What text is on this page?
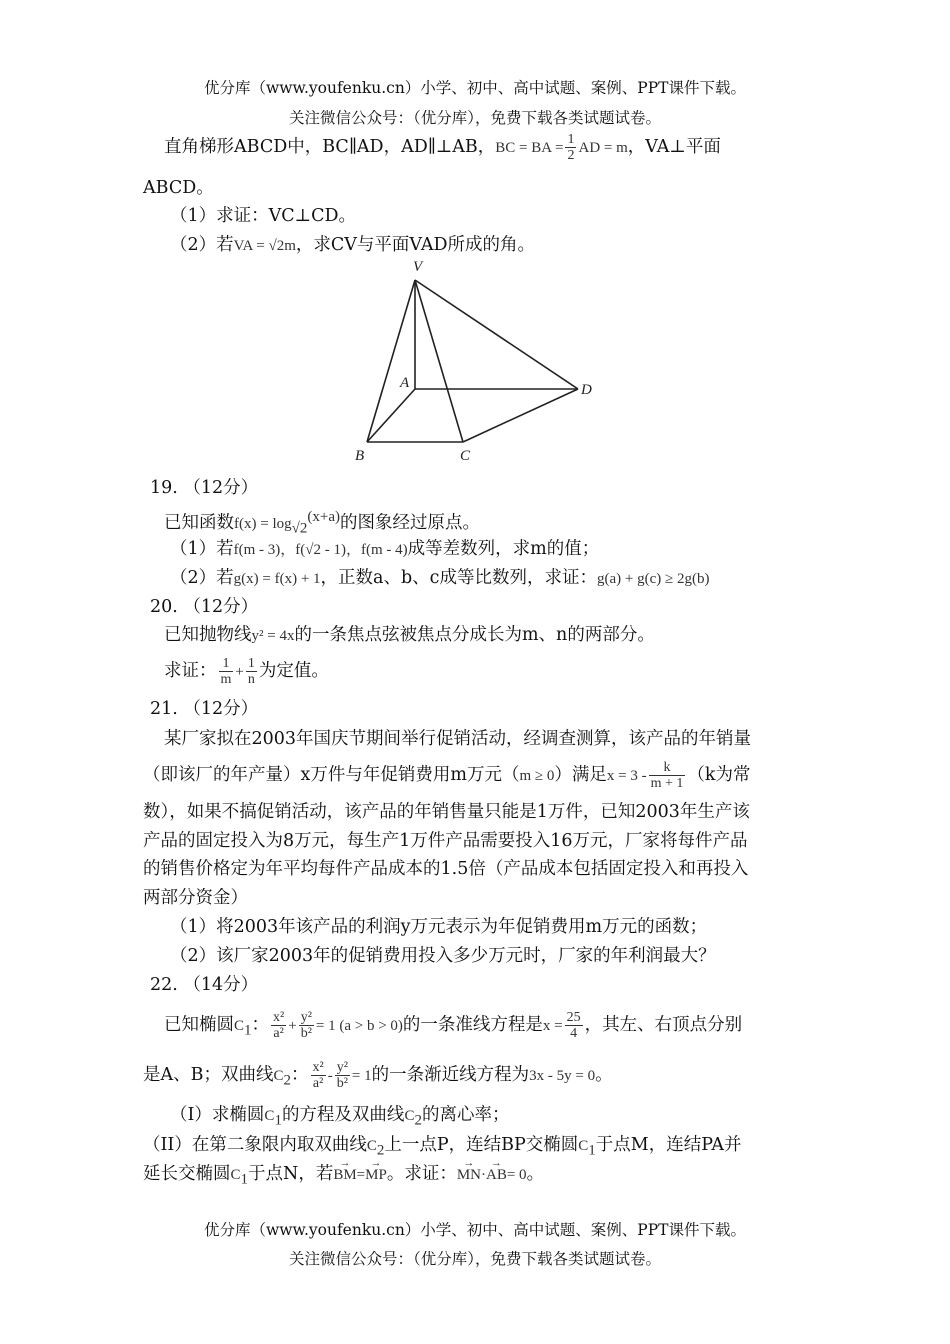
优分库（www.youfenku.cn）小学、初中、高中试题、案例、PPT课件下载。
关注微信公众号：（优分库），免费下载各类试题试卷。
直角梯形ABCD中，BC∥AD，AD∥⊥AB，BC = BA = $\frac{1}{2}$ AD = m，VA⊥平面
ABCD。
（1）求证：VC⊥CD。
（2）若VA = √2m，求CV与平面VAD所成的角。
V
A	D
B	C
19. （12分）
已知函数$f(x) = \log_{√2}^{(x+a)}$的图象经过原点。
（1）若f(m - 3)，f(√2 - 1)，f(m - 4)成等差数列，求m的值；
（2）若g(x) = f(x) + 1，正数a、b、c成等比数列，求证：g(a) + g(c) ≥ 2g(b)
20. （12分）
已知抛物线y² = 4x的一条焦点弦被焦点分成长为m、n的两部分。
求证： $\frac{1}{m} + \frac{1}{n}$ 为定值。
21. （12分）
某厂家拟在2003年国庆节期间举行促销活动，经调查测算，该产品的年销量
（即该厂的年产量）x万件与年促销费用m万元（m ≥ 0）满足$x = 3 - \frac{k}{m + 1} (k$为常
数），如果不搞促销活动，该产品的年销售量只能是1万件，已知2003年生产该
产品的固定投入为8万元，每生产1万件产品需要投入16万元，厂家将每件产品
的销售价格定为年平均每件产品成本的1.5倍（产品成本包括固定投入和再投入
两部分资金）
（1）将2003年该产品的利润y万元表示为年促销费用m万元的函数；
（2）该厂家2003年的促销费用投入多少万元时，厂家的年利润最大？
22. （14分）
已知椭圆$C_1$： $\frac{\text{x²}}{\text{a²}} + \frac{\text{y²}}{\text{b²}} = 1$ (a > b > 0)的一条准线方程是$x = \frac{25}{4}$ ，其左、右顶点分别
是A、B；双曲线$C_2$： $\frac{\text{x²}}{\text{a²}} - \frac{\text{y²}}{\text{b²}} = 1$的一条渐近线方程为3x - 5y = 0。
（I）求椭圆$C_1$的方程及双曲线$C_2$的离心率；
（II）在第二象限内取双曲线$C_2$上一点P，连结BP交椭圆$C_1$于点M，连结PA并
延长交椭圆$C_1$于点N，若→ BM=→ MP。求证：→ MN·→ AB= 0。
优分库（www.youfenku.cn）小学、初中、高中试题、案例、PPT课件下载。
关注微信公众号：（优分库），免费下载各类试题试卷。
